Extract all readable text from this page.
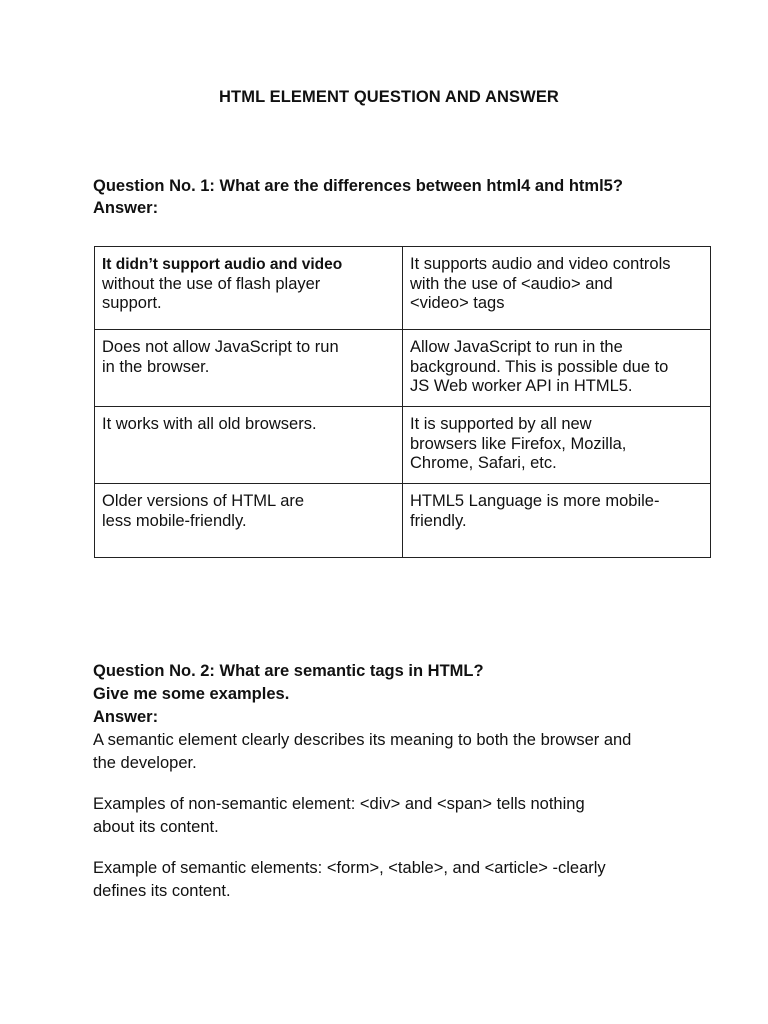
HTML ELEMENT QUESTION AND ANSWER
Question No. 1: What are the differences between html4 and html5?
Answer:
It didn’t support audio and video
without the use of flash player
support.	It supports audio and video controls
with the use of <audio> and
<video> tags

Does not allow JavaScript to run
in the browser.	Allow JavaScript to run in the
background. This is possible due to
JS Web worker API in HTML5.

It works with all old browsers.	It is supported by all new
browsers like Firefox, Mozilla,
Chrome, Safari, etc.

Older versions of HTML are
less mobile-friendly.	HTML5 Language is more mobile-
friendly.
Question No. 2: What are semantic tags in HTML?
Give me some examples.
Answer:
A semantic element clearly describes its meaning to both the browser and
the developer.
Examples of non-semantic element: <div> and <span> tells nothing
about its content.
Example of semantic elements: <form>, <table>, and <article> -clearly
defines its content.
